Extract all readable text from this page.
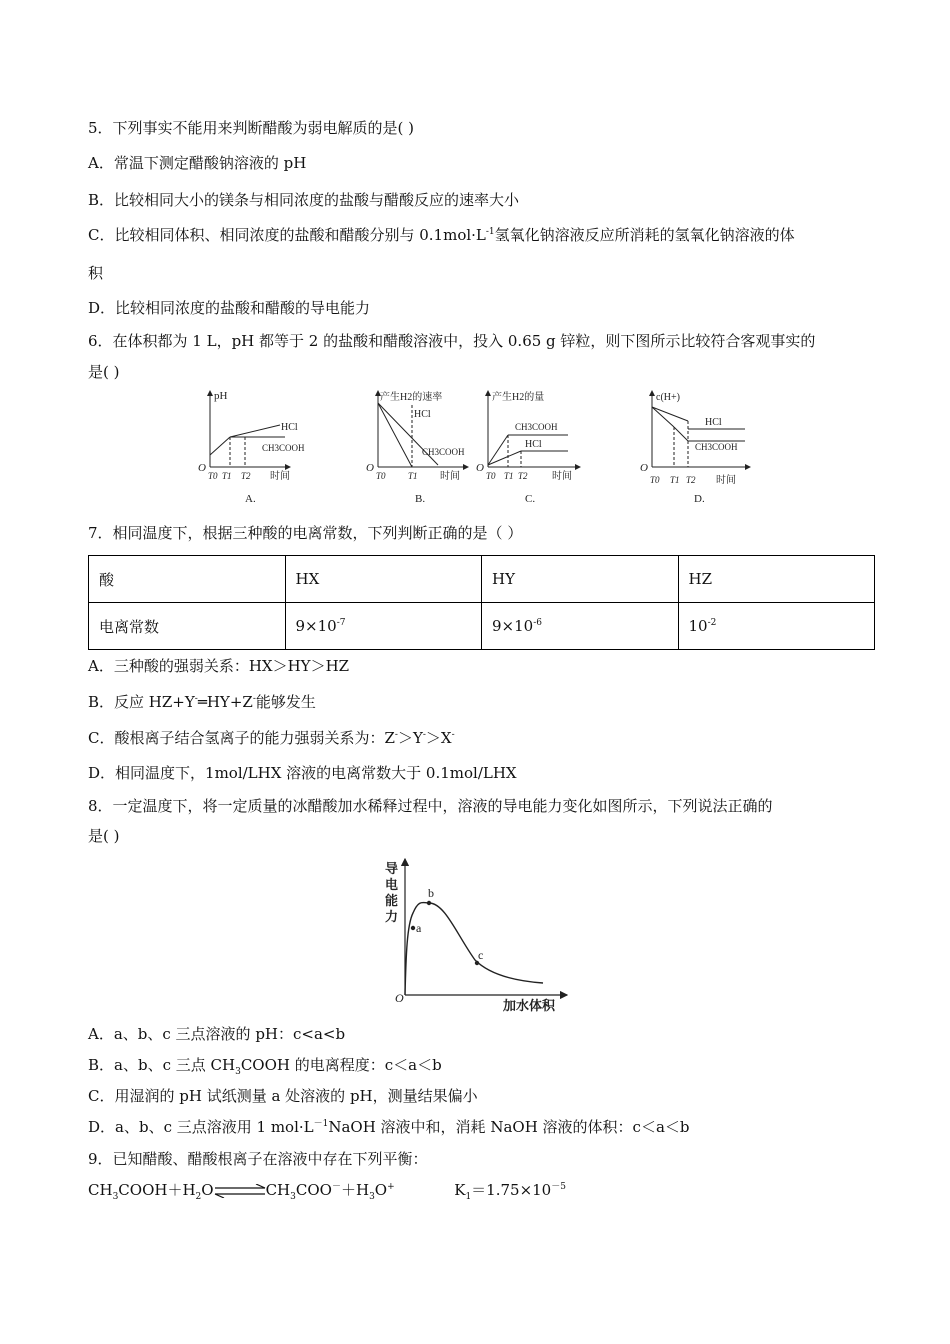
5．下列事实不能用来判断醋酸为弱电解质的是( )
A．常温下测定醋酸钠溶液的 pH
B．比较相同大小的镁条与相同浓度的盐酸与醋酸反应的速率大小
C．比较相同体积、相同浓度的盐酸和醋酸分别与 $0.1mol\cdot L^{-1}$氢氧化钠溶液反应所消耗的氢氧化钠溶液的体
积
D．比较相同浓度的盐酸和醋酸的导电能力
6．在体积都为 1 L，pH 都等于 2 的盐酸和醋酸溶液中，投入 0.65 g 锌粒，则下图所示比较符合客观事实的
是( )
pH
HCl
CH3COOH
O
T0 T1 T2 时间
A.
产生H2的速率
HCl
CH3COOH
O
T0 T1 时间
B.
产生H2的量
CH3COOH
HCl
O
T0 T1 T2 时间
C.
c(H+)
HCl
CH3COOH
O
T0 T1 T2 时间
D.
7．相同温度下，根据三种酸的电离常数，下列判断正确的是（ ）
酸	HX	HY	HZ
电离常数	$9\times 10^{-7}$	$9\times 10^{-6}$	$10^{-2}$
A．三种酸的强弱关系：HX＞HY＞HZ
B．反应 HZ+Y-═HY+Z-能够发生
C．酸根离子结合氢离子的能力强弱关系为：Z-＞Y-＞X-
D．相同温度下，1mol/LHX 溶液的电离常数大于 0.1mol/LHX
8．一定温度下，将一定质量的冰醋酸加水稀释过程中，溶液的导电能力变化如图所示，下列说法正确的
是( )
a
b
c
导
电
能
力
O	加水体积
A．a、b、c 三点溶液的 pH：c<a<b
B．a、b、c 三点 $CH_3COOH$ 的电离程度：c＜a＜b
C．用湿润的 pH 试纸测量 a 处溶液的 pH，测量结果偏小
D．a、b、c 三点溶液用 1 $mol\cdot L^{-1}NaOH$ 溶液中和，消耗 NaOH 溶液的体积：c＜a＜b
9．已知醋酸、醋酸根离子在溶液中存在下列平衡：
$CH_3COOH+H_2O\rightleftharpoons CH_3COO^-+H_3O^+$	$K_1=1.75\times 10^{-5}$
